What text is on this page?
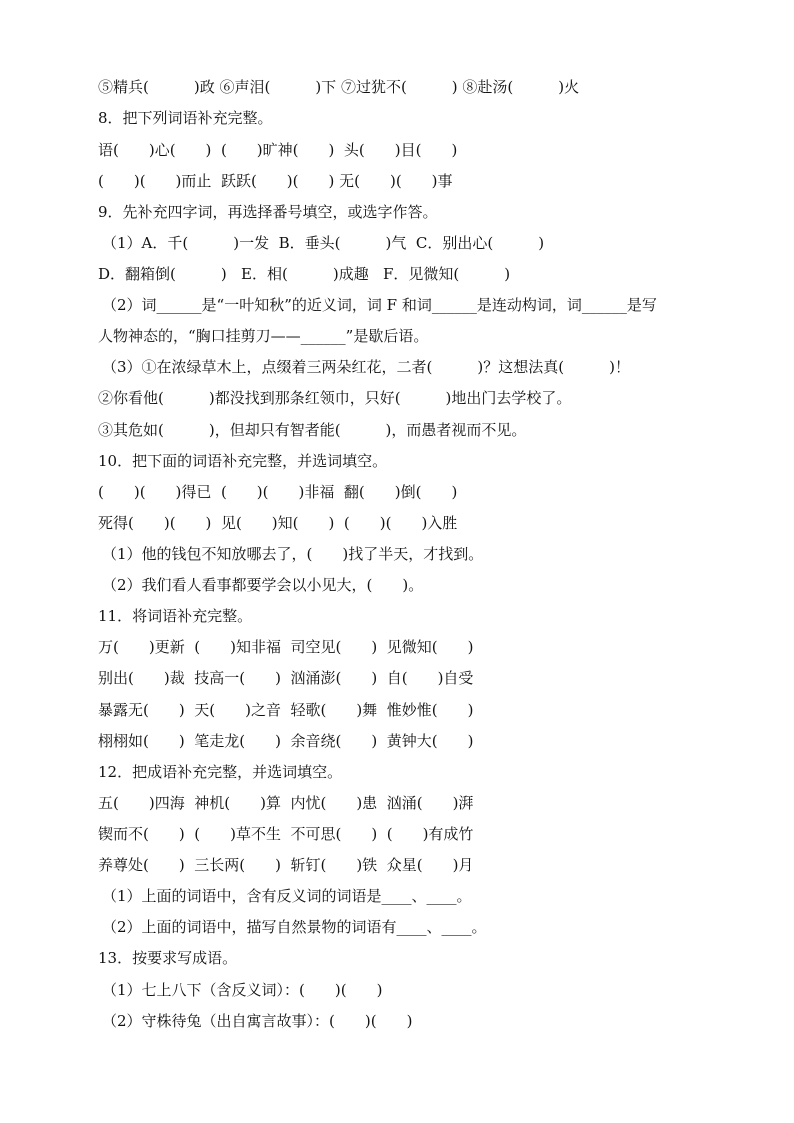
⑤精兵(　　　)政 ⑥声泪(　　　)下 ⑦过犹不(　　　) ⑧赴汤(　　　)火
8．把下列词语补充完整。
语(　　)心(　　)  (　　)旷神(　　)  头(　　)目(　　)
(　　)(　　)而止  跃跃(　　)(　　) 无(　　)(　　)事
9．先补充四字词，再选择番号填空，或选字作答。
（1）A．千(　　　)一发  B．垂头(　　　)气  C．别出心(　　　)
D．翻箱倒(　　　)   E．相(　　　)成趣   F．见微知(　　　)
（2）词______是“一叶知秋”的近义词，词 F 和词______是连动构词，词______是写
人物神态的，“胸口挂剪刀——______”是歇后语。
（3）①在浓绿草木上，点缀着三两朵红花，二者(　　　)？这想法真(　　　)！
②你看他(　　　)都没找到那条红领巾，只好(　　　)地出门去学校了。
③其危如(　　　)，但却只有智者能(　　　)，而愚者视而不见。
10．把下面的词语补充完整，并选词填空。
(　　)(　　)得已  (　　)(　　)非福  翻(　　)倒(　　)
死得(　　)(　　)  见(　　)知(　　)  (　　)(　　)入胜
（1）他的钱包不知放哪去了，(　　)找了半天，才找到。
（2）我们看人看事都要学会以小见大，(　　)。
11．将词语补充完整。
万(　　)更新  (　　)知非福  司空见(　　)  见微知(　　)
别出(　　)裁  技高一(　　)  汹涌澎(　　)  自(　　)自受
暴露无(　　)  天(　　)之音  轻歌(　　)舞  惟妙惟(　　)
栩栩如(　　)  笔走龙(　　)  余音绕(　　)  黄钟大(　　)
12．把成语补充完整，并选词填空。
五(　　)四海  神机(　　)算  内忧(　　)患  汹涌(　　)湃
锲而不(　　)  (　　)草不生  不可思(　　)  (　　)有成竹
养尊处(　　)  三长两(　　)  斩钉(　　)铁  众星(　　)月
（1）上面的词语中，含有反义词的词语是____、____。
（2）上面的词语中，描写自然景物的词语有____、____。
13．按要求写成语。
（1）七上八下（含反义词）：(　　)(　　)
（2）守株待兔（出自寓言故事）：(　　)(　　)
